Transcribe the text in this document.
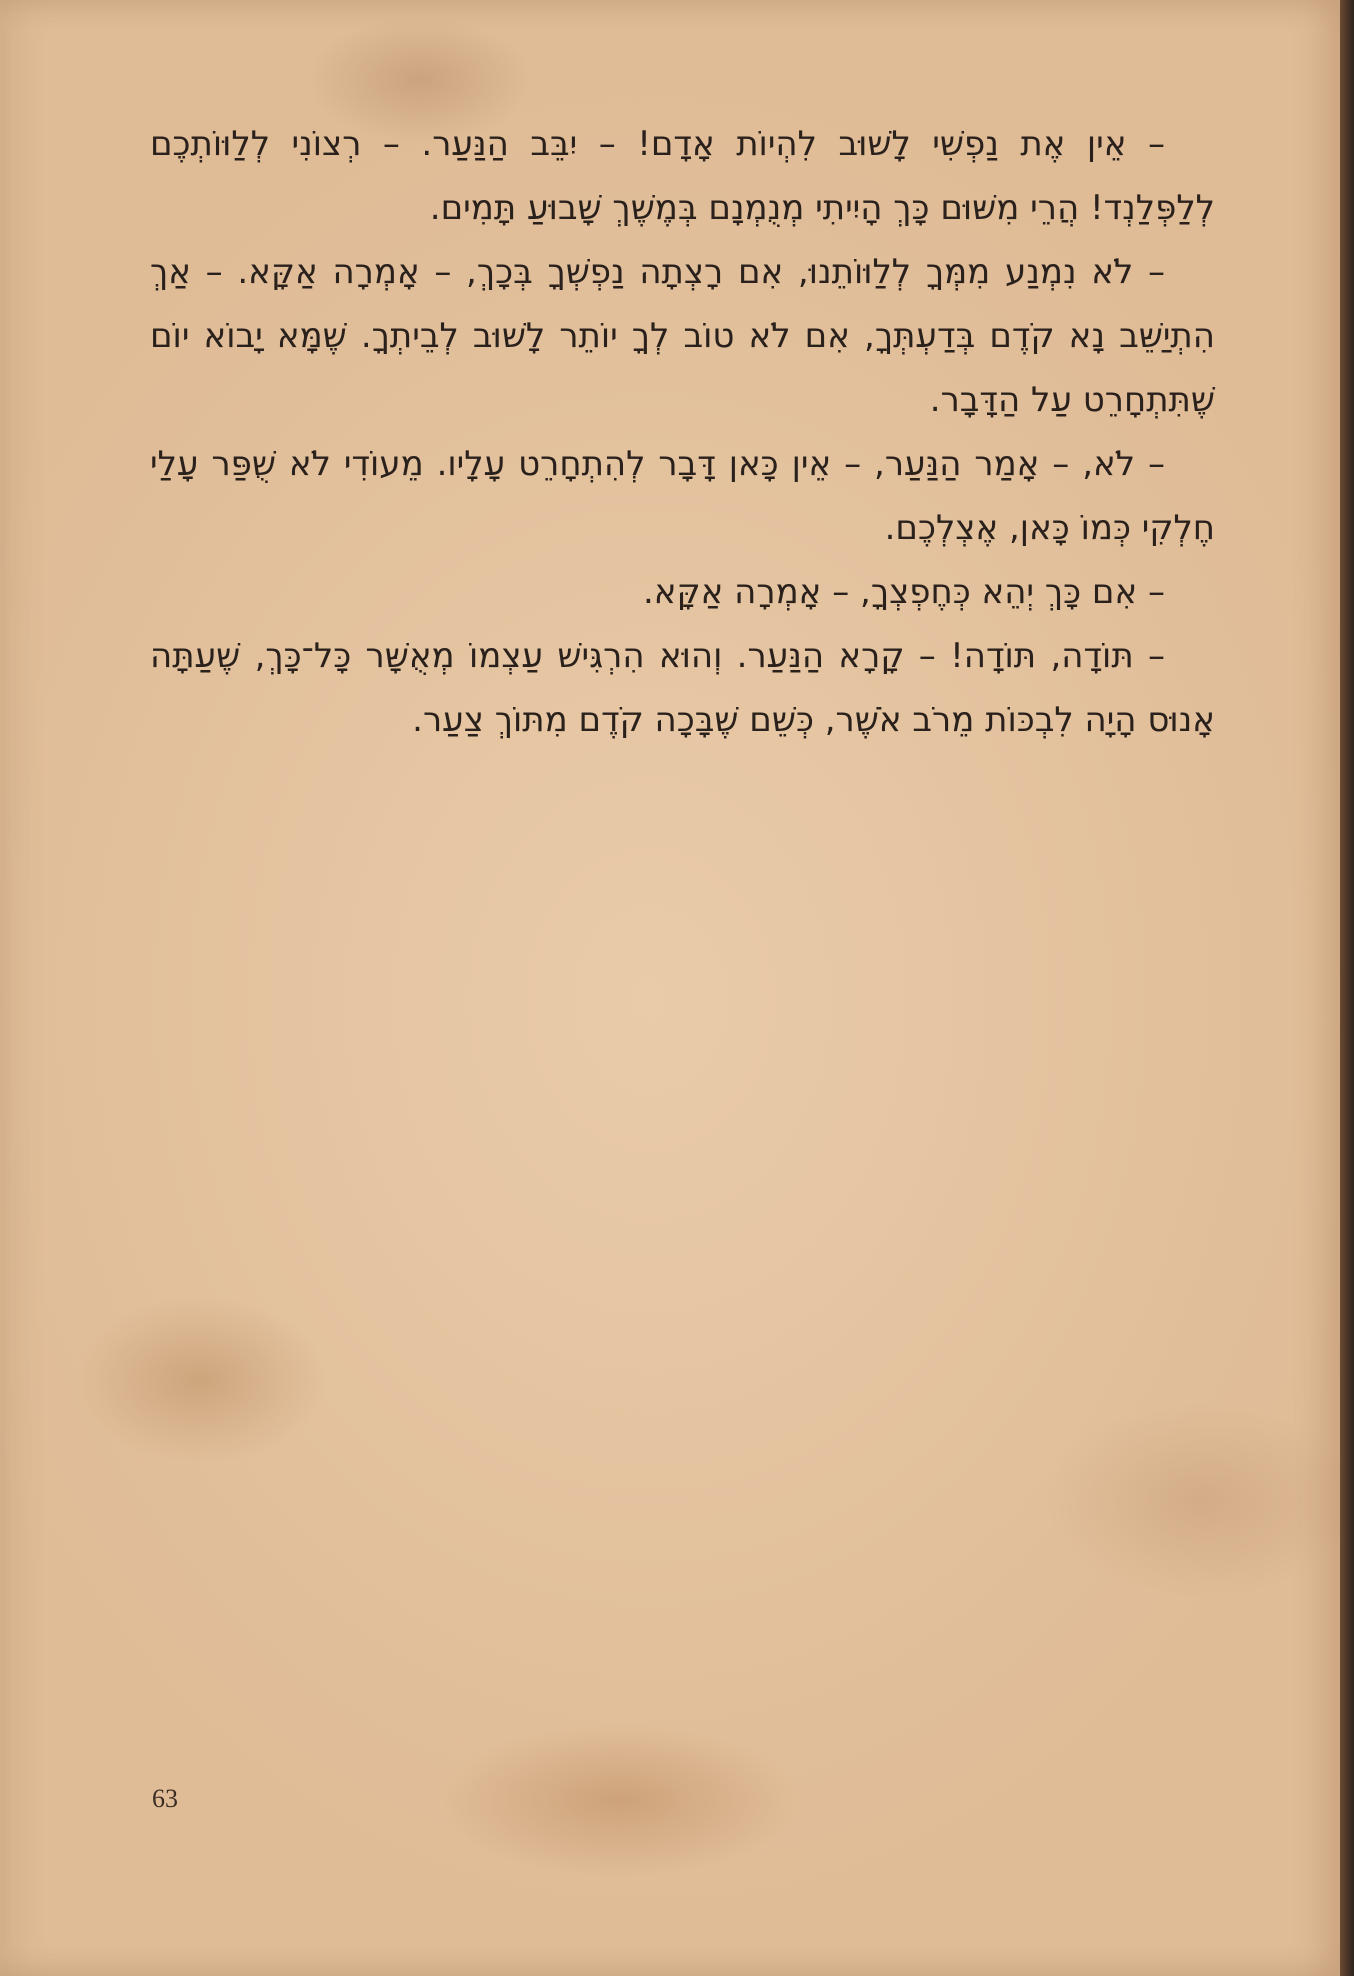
– אֵין אֶת נַפְשִׁי לָשׁוּב לִהְיוֹת אָדָם! – יִבֵּב הַנַּעַר. – רְצוֹנִי לְלַוּוֹתְכֶם לְלַפְּלַנְד! הֲרֵי מִשּׁוּם כָּךְ הָיִיתִי מְנֻמְנָם בְּמֶשֶׁךְ שָׁבוּעַ תָּמִים.

– לֹא נִמְנַע מִמְּךָ לְלַוּוֹתֵנוּ, אִם רָצְתָה נַפְשְׁךָ בְּכָךְ, – אָמְרָה אַקָּא. – אַךְ הִתְיַשֵּׁב נָא קֹדֶם בְּדַעְתְּךָ, אִם לֹא טוֹב לְךָ יוֹתֵר לָשׁוּב לְבֵיתְךָ. שֶׁמָּא יָבוֹא יוֹם שֶׁתִּתְחָרֵט עַל הַדָּבָר.

– לֹא, – אָמַר הַנַּעַר, – אֵין כָּאן דָּבָר לְהִתְחָרֵט עָלָיו. מֵעוֹדִי לֹא שֻׁפַּר עָלַי חֶלְקִי כְּמוֹ כָּאן, אֶצְלְכֶם.

– אִם כָּךְ יְהֵא כְּחֶפְצְךָ, – אָמְרָה אַקָּא.

– תּוֹדָה, תּוֹדָה! – קָרָא הַנַּעַר. וְהוּא הִרְגִּישׁ עַצְמוֹ מְאֻשָּׁר כָּל־כָּךְ, שֶׁעַתָּה אָנוּס הָיָה לִבְכּוֹת מֵרֹב אֹשֶׁר, כְּשֵׁם שֶׁבָּכָה קֹדֶם מִתּוֹךְ צַעַר.

63
